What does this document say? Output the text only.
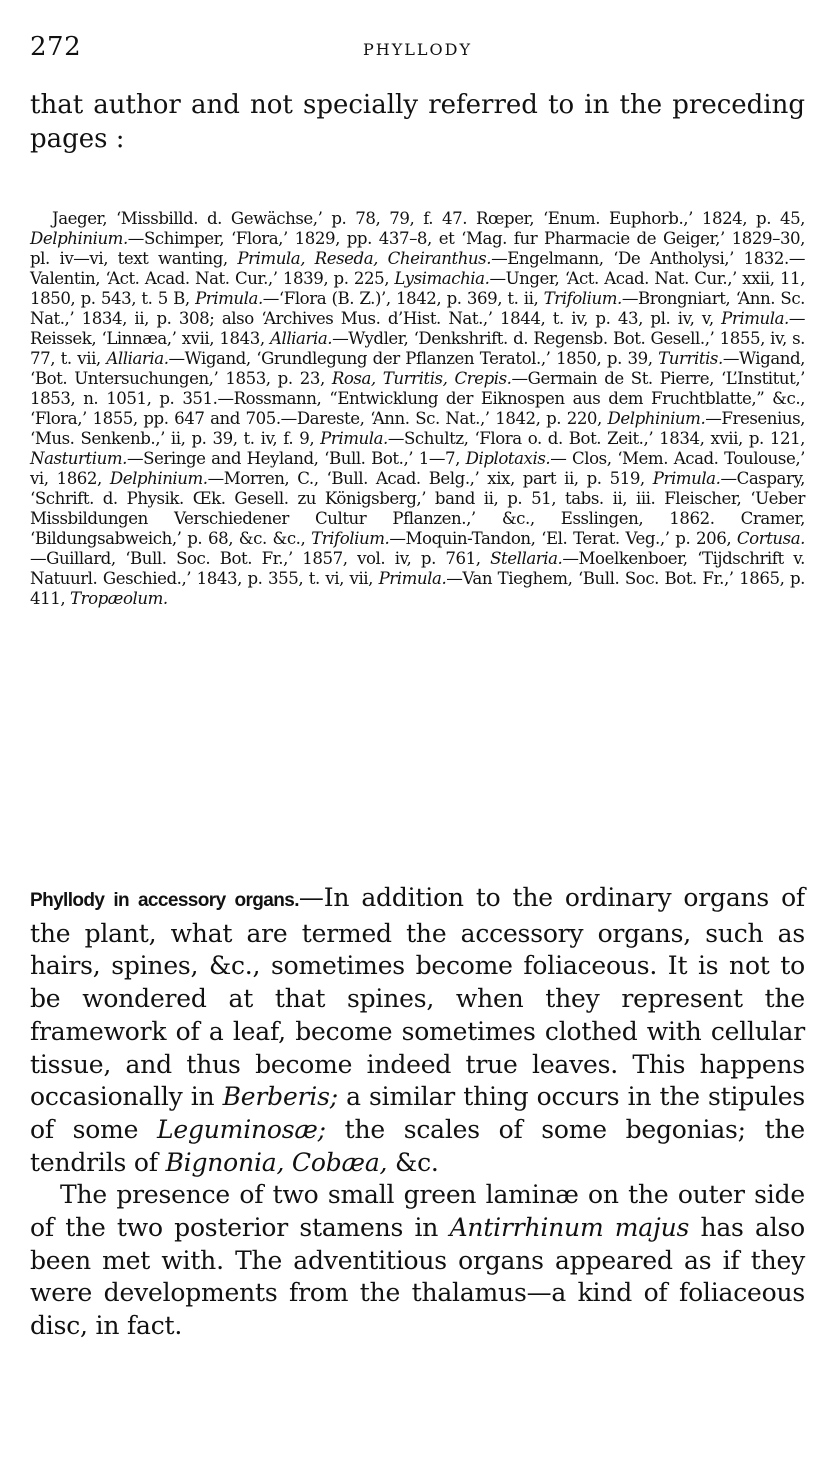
272	PHYLLODY

that author and not specially referred to in the preceding pages :

Jaeger, ‘Missbilld. d. Gewächse,’ p. 78, 79, f. 47. Rœper, ‘Enum. Euphorb.,’ 1824, p. 45, Delphinium.—Schimper, ‘Flora,’ 1829, pp. 437–8, et ‘Mag. fur Pharmacie de Geiger,’ 1829–30, pl. iv—vi, text wanting, Primula, Reseda, Cheiranthus.—Engelmann, ‘De Antholysi,’ 1832.—Valentin, ‘Act. Acad. Nat. Cur.,’ 1839, p. 225, Lysimachia.—Unger, ‘Act. Acad. Nat. Cur.,’ xxii, 11, 1850, p. 543, t. 5 B, Primula.—‘Flora (B. Z.)’, 1842, p. 369, t. ii, Trifolium.—Brongniart, ‘Ann. Sc. Nat.,’ 1834, ii, p. 308; also ‘Archives Mus. d’Hist. Nat.,’ 1844, t. iv, p. 43, pl. iv, v, Primula.—Reissek, ‘Linnæa,’ xvii, 1843, Alliaria.—Wydler, ‘Denkshrift. d. Regensb. Bot. Gesell.,’ 1855, iv, s. 77, t. vii, Alliaria.—Wigand, ‘Grundlegung der Pflanzen Teratol.,’ 1850, p. 39, Turritis.—Wigand, ‘Bot. Untersuchungen,’ 1853, p. 23, Rosa, Turritis, Crepis.—Germain de St. Pierre, ‘L’Institut,’ 1853, n. 1051, p. 351.—Rossmann, “Entwicklung der Eiknospen aus dem Fruchtblatte,” &c., ‘Flora,’ 1855, pp. 647 and 705.—Dareste, ‘Ann. Sc. Nat.,’ 1842, p. 220, Delphinium.—Fresenius, ‘Mus. Senkenb.,’ ii, p. 39, t. iv, f. 9, Primula.—Schultz, ‘Flora o. d. Bot. Zeit.,’ 1834, xvii, p. 121, Nasturtium.—Seringe and Heyland, ‘Bull. Bot.,’ 1—7, Diplotaxis.— Clos, ‘Mem. Acad. Toulouse,’ vi, 1862, Delphinium.—Morren, C., ‘Bull. Acad. Belg.,’ xix, part ii, p. 519, Primula.—Caspary, ‘Schrift. d. Physik. Œk. Gesell. zu Königsberg,’ band ii, p. 51, tabs. ii, iii. Fleischer, ‘Ueber Missbildungen Verschiedener Cultur Pflanzen.,’ &c., Esslingen, 1862. Cramer, ‘Bildungsabweich,’ p. 68, &c. &c., Trifolium.—Moquin-Tandon, ‘El. Terat. Veg.,’ p. 206, Cortusa.—Guillard, ‘Bull. Soc. Bot. Fr.,’ 1857, vol. iv, p. 761, Stellaria.—Moelkenboer, ‘Tijdschrift v. Natuurl. Geschied.,’ 1843, p. 355, t. vi, vii, Primula.—Van Tieghem, ‘Bull. Soc. Bot. Fr.,’ 1865, p. 411, Tropæolum.

Phyllody in accessory organs.—In addition to the ordinary organs of the plant, what are termed the accessory organs, such as hairs, spines, &c., sometimes become foliaceous. It is not to be wondered at that spines, when they represent the framework of a leaf, become sometimes clothed with cellular tissue, and thus become indeed true leaves. This happens occasionally in Berberis; a similar thing occurs in the stipules of some Leguminosæ; the scales of some begonias; the tendrils of Bignonia, Cobæa, &c.

The presence of two small green laminæ on the outer side of the two posterior stamens in Antirrhinum majus has also been met with. The adventitious organs appeared as if they were developments from the thalamus—a kind of foliaceous disc, in fact.
